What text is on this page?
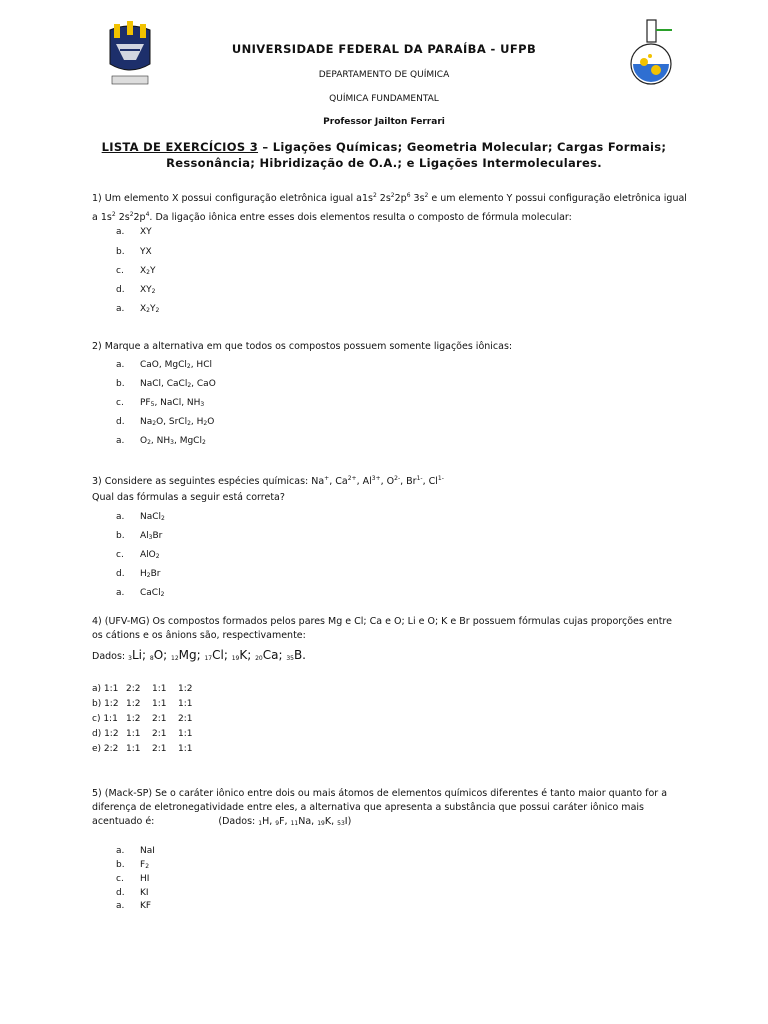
UNIVERSIDADE FEDERAL DA PARAÍBA - UFPB
DEPARTAMENTO DE QUÍMICA
QUÍMICA FUNDAMENTAL
Professor Jailton Ferrari
LISTA DE EXERCÍCIOS 3 – Ligações Químicas; Geometria Molecular; Cargas Formais;
Ressonância; Hibridização de O.A.; e Ligações Intermoleculares.
1) Um elemento X possui configuração eletrônica igual $a1s^2$ $2s^22p^6$ $3s^2$ e um elemento Y possui configuração eletrônica igual
a $1s^2$ $2s^22p^4$. Da ligação iônica entre esses dois elementos resulta o composto de fórmula molecular:
a. XY
b. YX
c. $X_2Y$
d. $XY_2$
a. $X_2Y_2$
2) Marque a alternativa em que todos os compostos possuem somente ligações iônicas:
a. CaO, MgCl$_2$, HCl
b. NaCl, CaCl$_2$, CaO
c. $PF_5$, NaCl, $NH_3$
d. $Na_2O$, SrCl$_2$, $H_2O$
a. $O_2$, $NH_3$, MgCl$_2$
3) Considere as seguintes espécies químicas: Na+, $Ca^{2+}$, $Al^{3+}$, $O^{2-}$, $Br^{1-}$, $Cl^{1-}$
Qual das fórmulas a seguir está correta?
a. NaCl$_2$
b. $Al_3Br$
c. AlO$_2$
d. $H_2Br$
a. CaCl$_2$
4) (UFV-MG) Os compostos formados pelos pares Mg e Cl; Ca e O; Li e O; K e Br possuem fórmulas cujas proporções entre
os cátions e os ânions são, respectivamente:
Dados: $_3$Li; $_8$O; $_{12}$Mg; $_{17}$Cl; $_{19}$K; $_{20}$Ca; $_{35}$B.
a) 1:1 2:2 1:1 1:2
b) 1:2 1:2 1:1 1:1
c) 1:1 1:2 2:1 2:1
d) 1:2 1:1 2:1 1:1
e) 2:2 1:1 2:1 1:1
5) (Mack-SP) Se o caráter iônico entre dois ou mais átomos de elementos químicos diferentes é tanto maior quanto for a
diferença de eletronegatividade entre eles, a alternativa que apresenta a substância que possui caráter iônico mais
acentuado é:	(Dados: $_1$H, $_9$F, $_{11}$Na, $_{19}$K, $_{53}$I)
a. NaI
b. $F_2$
c. HI
d. KI
a. KF
